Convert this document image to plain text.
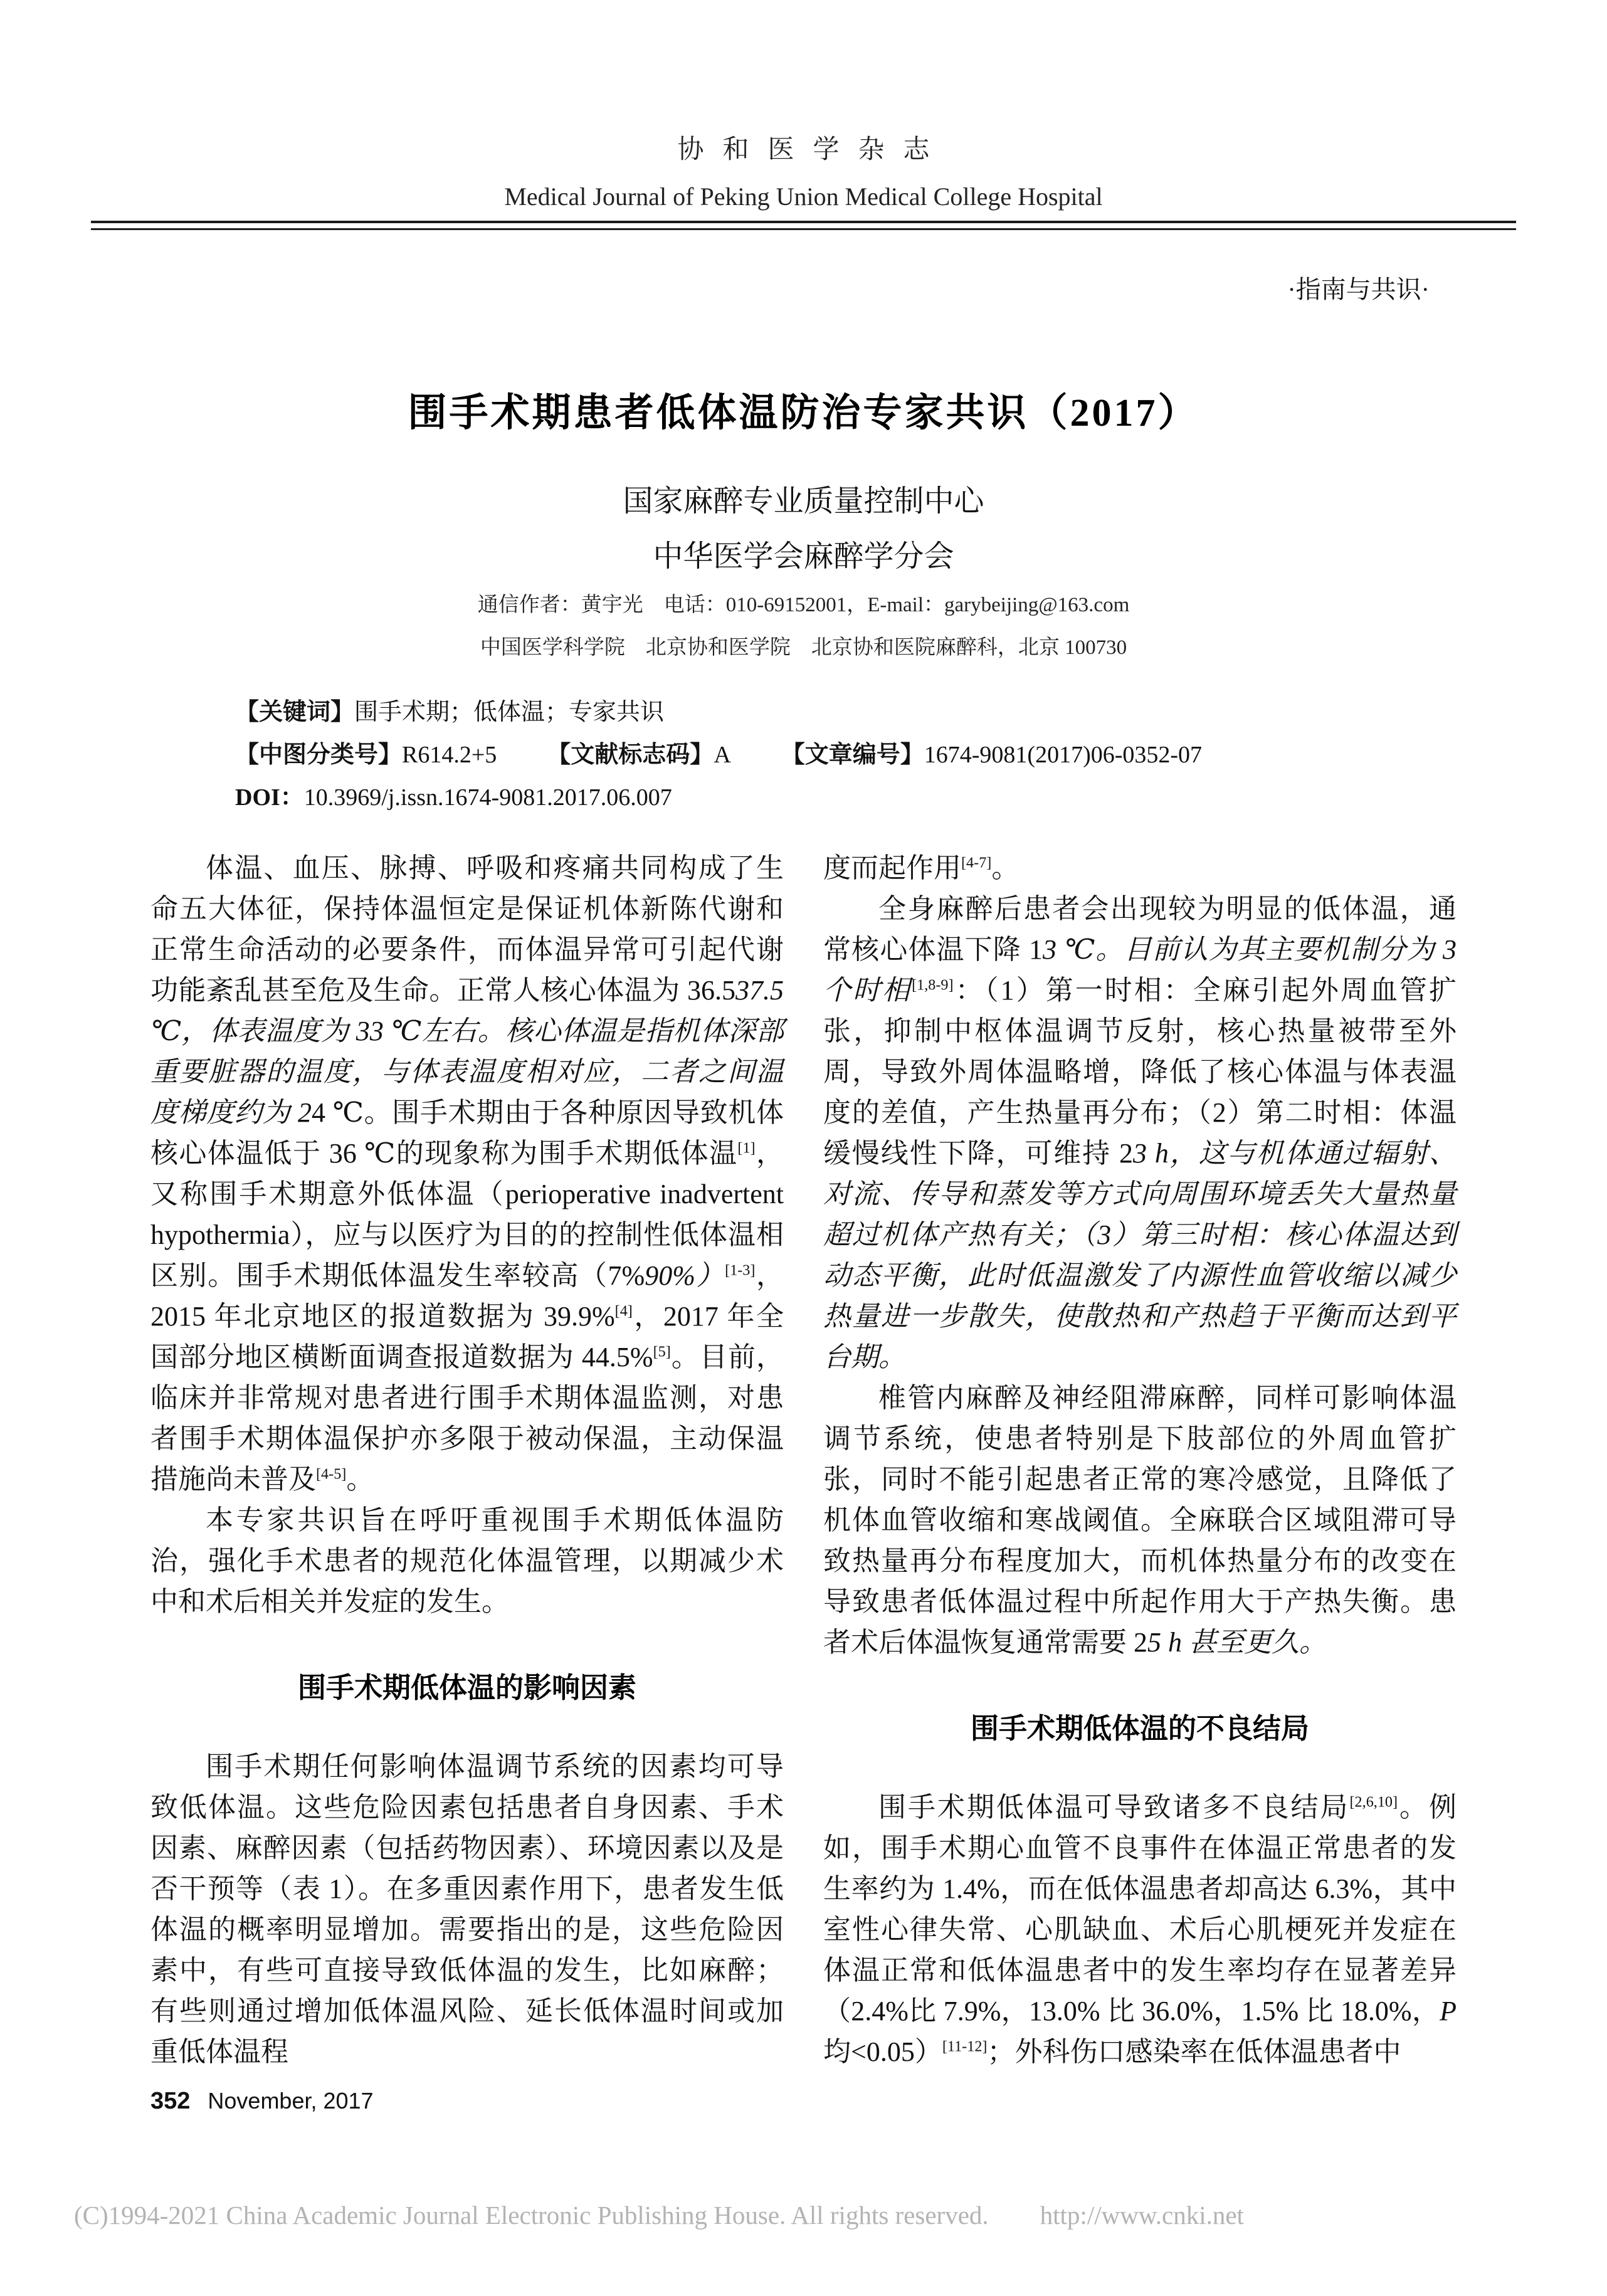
协和医学杂志
Medical Journal of Peking Union Medical College Hospital
·指南与共识·
围手术期患者低体温防治专家共识（2017）
国家麻醉专业质量控制中心
中华医学会麻醉学分会
通信作者：黄宇光　电话：010-69152001，E-mail：garybeijing@163.com
中国医学科学院　北京协和医学院　北京协和医院麻醉科，北京 100730
【关键词】围手术期；低体温；专家共识
【中图分类号】R614.2+5 【文献标志码】A 【文章编号】1674-9081(2017)06-0352-07
DOI：10.3969/j.issn.1674-9081.2017.06.007

体温、血压、脉搏、呼吸和疼痛共同构成了生命五大体征，保持体温恒定是保证机体新陈代谢和正常生命活动的必要条件，而体温异常可引起代谢功能紊乱甚至危及生命。正常人核心体温为 36.537.5 ℃，体表温度为 33 ℃左右。核心体温是指机体深部重要脏器的温度，与体表温度相对应，二者之间温度梯度约为 24 ℃。围手术期由于各种原因导致机体核心体温低于 36 ℃的现象称为围手术期低体温[1]，又称围手术期意外低体温（perioperative inadvertent hypothermia），应与以医疗为目的的控制性低体温相区别。围手术期低体温发生率较高（7%90%）[1-3]，2015 年北京地区的报道数据为 39.9%[4]，2017 年全国部分地区横断面调查报道数据为 44.5%[5]。目前，临床并非常规对患者进行围手术期体温监测，对患者围手术期体温保护亦多限于被动保温，主动保温措施尚未普及[4-5]。

本专家共识旨在呼吁重视围手术期低体温防治，强化手术患者的规范化体温管理，以期减少术中和术后相关并发症的发生。

围手术期低体温的影响因素

围手术期任何影响体温调节系统的因素均可导致低体温。这些危险因素包括患者自身因素、手术因素、麻醉因素（包括药物因素）、环境因素以及是否干预等（表 1）。在多重因素作用下，患者发生低体温的概率明显增加。需要指出的是，这些危险因素中，有些可直接导致低体温的发生，比如麻醉；有些则通过增加低体温风险、延长低体温时间或加重低体温程

度而起作用[4-7]。

全身麻醉后患者会出现较为明显的低体温，通常核心体温下降 13 ℃。目前认为其主要机制分为 3 个时相[1,8-9]：（1）第一时相：全麻引起外周血管扩张，抑制中枢体温调节反射，核心热量被带至外周，导致外周体温略增，降低了核心体温与体表温度的差值，产生热量再分布；（2）第二时相：体温缓慢线性下降，可维持 23 h，这与机体通过辐射、对流、传导和蒸发等方式向周围环境丢失大量热量超过机体产热有关；（3）第三时相：核心体温达到动态平衡，此时低温激发了内源性血管收缩以减少热量进一步散失，使散热和产热趋于平衡而达到平台期。

椎管内麻醉及神经阻滞麻醉，同样可影响体温调节系统，使患者特别是下肢部位的外周血管扩张，同时不能引起患者正常的寒冷感觉，且降低了机体血管收缩和寒战阈值。全麻联合区域阻滞可导致热量再分布程度加大，而机体热量分布的改变在导致患者低体温过程中所起作用大于产热失衡。患者术后体温恢复通常需要 25 h 甚至更久。

围手术期低体温的不良结局

围手术期低体温可导致诸多不良结局[2,6,10]。例如，围手术期心血管不良事件在体温正常患者的发生率约为 1.4%，而在低体温患者却高达 6.3%，其中室性心律失常、心肌缺血、术后心肌梗死并发症在体温正常和低体温患者中的发生率均存在显著差异（2.4%比 7.9%，13.0% 比 36.0%，1.5% 比 18.0%，P 均<0.05）[11-12]；外科伤口感染率在低体温患者中

352 November, 2017
(C)1994-2021 China Academic Journal Electronic Publishing House. All rights reserved.　　http://www.cnki.net
